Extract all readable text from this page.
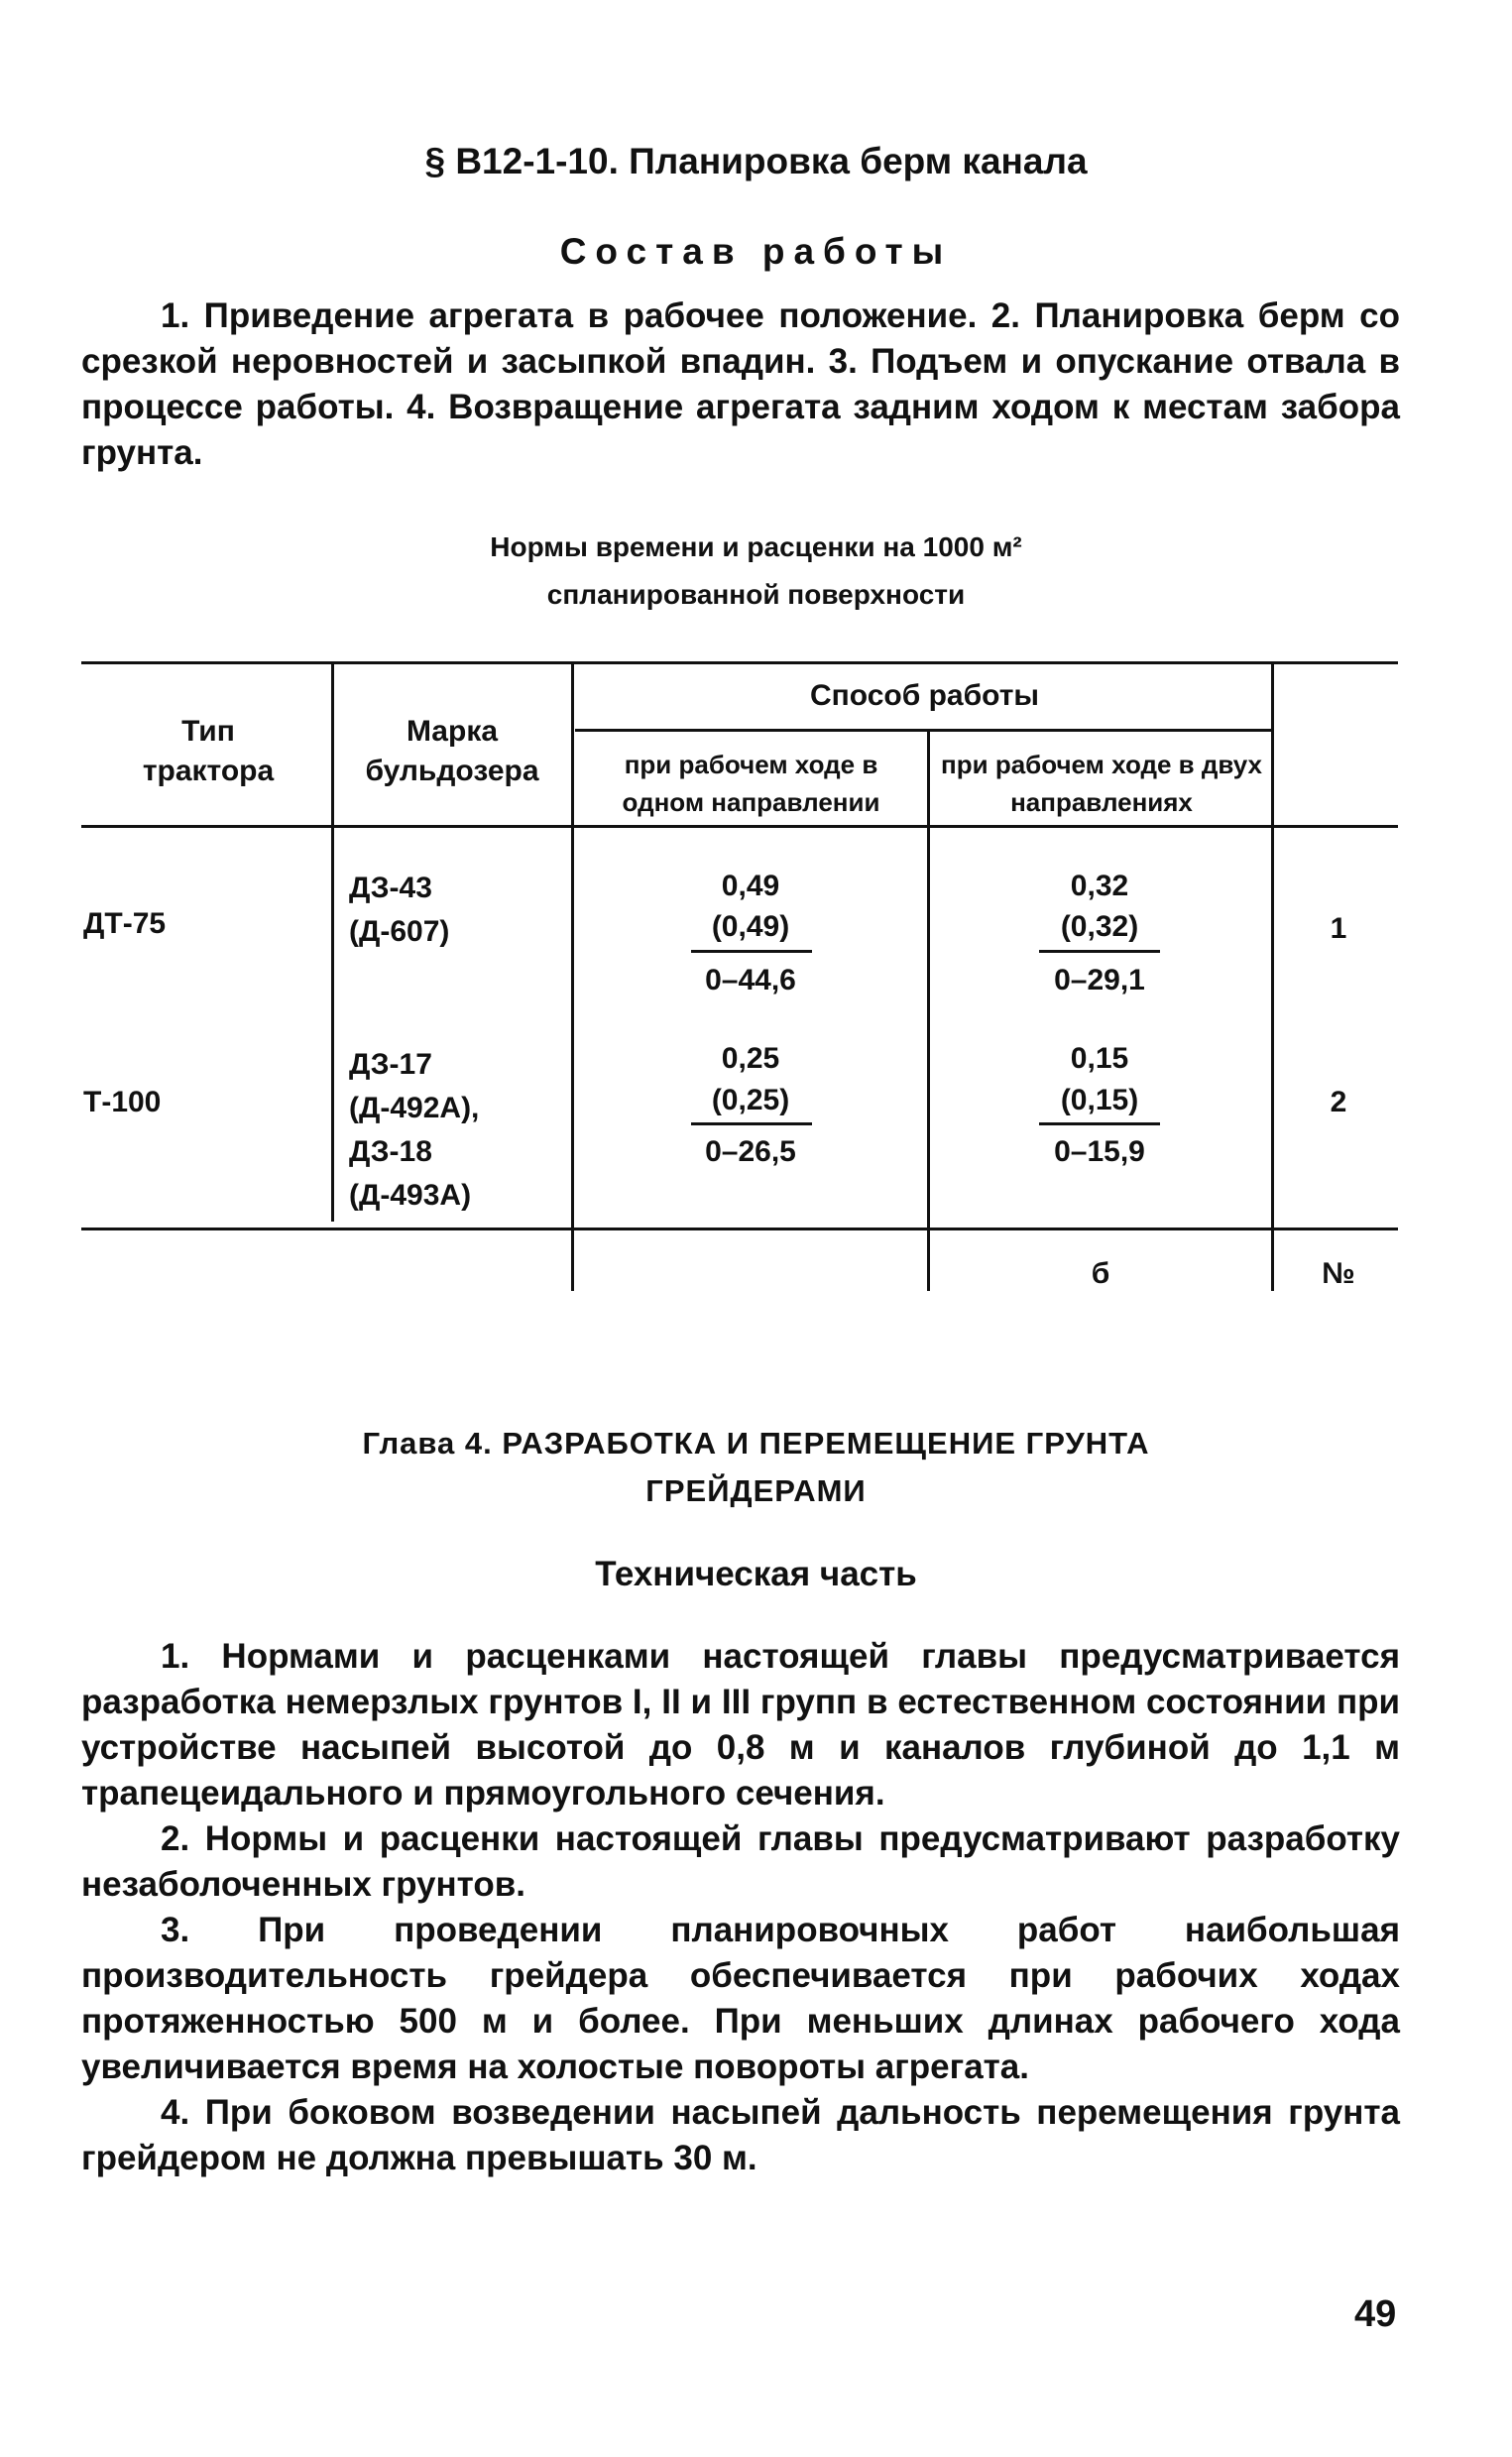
§ В12-1-10. Планировка берм канала
Состав работы
1. Приведение агрегата в рабочее положение. 2. Планировка берм со срезкой неровностей и засыпкой впадин. 3. Подъем и опускание отвала в процессе работы. 4. Возвращение агрегата задним ходом к местам забора грунта.
Нормы времени и расценки на 1000 м²
спланированной поверхности
Тип трактора
Марка бульдозера
Способ работы
при рабочем ходе в одном направлении
при рабочем ходе в двух направлениях
ДТ-75
ДЗ-43
(Д-607)
0,49
(0,49)
0–44,6
0,32
(0,32)
0–29,1
1
Т-100
ДЗ-17
(Д-492А),
ДЗ-18
(Д-493А)
0,25
(0,25)
0–26,5
0,15
(0,15)
0–15,9
2
б	№
Глава 4. РАЗРАБОТКА И ПЕРЕМЕЩЕНИЕ ГРУНТА
ГРЕЙДЕРАМИ
Техническая часть

1. Нормами и расценками настоящей главы предусматривается разработка немерзлых грунтов I, II и III групп в естественном состоянии при устройстве насыпей высотой до 0,8 м и каналов глубиной до 1,1 м трапецеидального и прямоугольного сечения.

2. Нормы и расценки настоящей главы предусматривают разработку незаболоченных грунтов.

3. При проведении планировочных работ наибольшая производительность грейдера обеспечивается при рабочих ходах протяженностью 500 м и более. При меньших длинах рабочего хода увеличивается время на холостые повороты агрегата.

4. При боковом возведении насыпей дальность перемещения грунта грейдером не должна превышать 30 м.

49
